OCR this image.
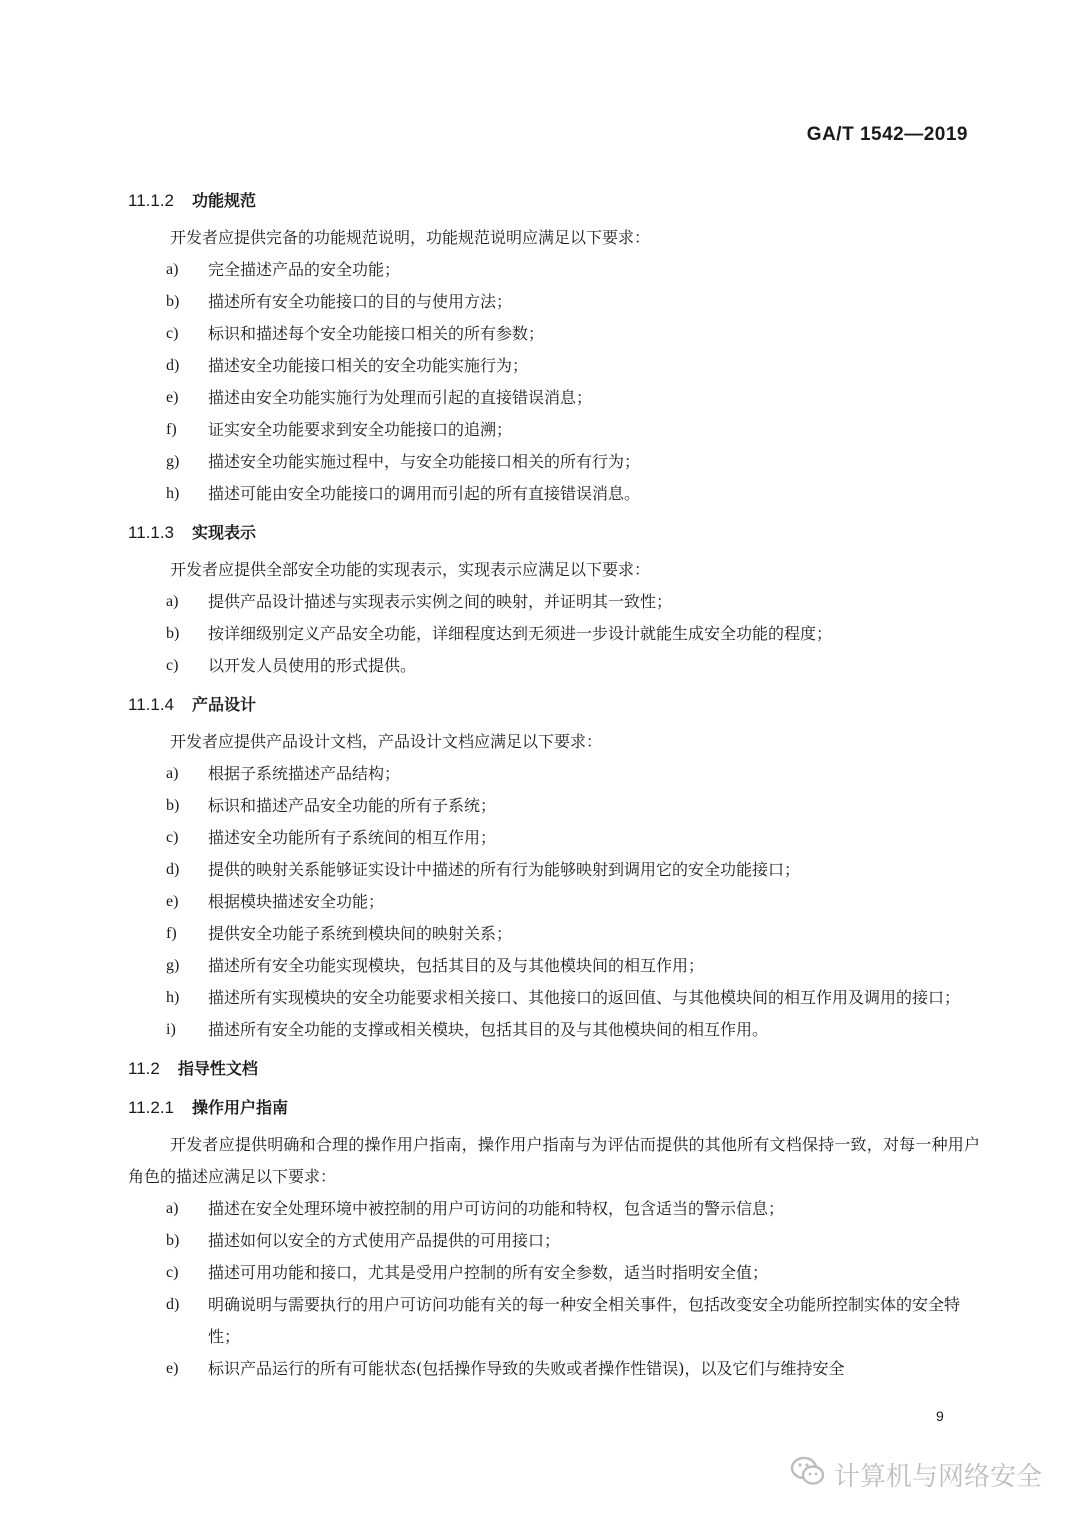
GA/T 1542—2019
11.1.2 功能规范

开发者应提供完备的功能规范说明，功能规范说明应满足以下要求：

a)	完全描述产品的安全功能；
b)	描述所有安全功能接口的目的与使用方法；
c)	标识和描述每个安全功能接口相关的所有参数；
d)	描述安全功能接口相关的安全功能实施行为；
e)	描述由安全功能实施行为处理而引起的直接错误消息；
f)	证实安全功能要求到安全功能接口的追溯；
g)	描述安全功能实施过程中，与安全功能接口相关的所有行为；
h)	描述可能由安全功能接口的调用而引起的所有直接错误消息。
11.1.3 实现表示

开发者应提供全部安全功能的实现表示，实现表示应满足以下要求：

a)	提供产品设计描述与实现表示实例之间的映射，并证明其一致性；
b)	按详细级别定义产品安全功能，详细程度达到无须进一步设计就能生成安全功能的程度；
c)	以开发人员使用的形式提供。
11.1.4 产品设计

开发者应提供产品设计文档，产品设计文档应满足以下要求：

a)	根据子系统描述产品结构；
b)	标识和描述产品安全功能的所有子系统；
c)	描述安全功能所有子系统间的相互作用；
d)	提供的映射关系能够证实设计中描述的所有行为能够映射到调用它的安全功能接口；
e)	根据模块描述安全功能；
f)	提供安全功能子系统到模块间的映射关系；
g)	描述所有安全功能实现模块，包括其目的及与其他模块间的相互作用；
h)	描述所有实现模块的安全功能要求相关接口、其他接口的返回值、与其他模块间的相互作用及调用的接口；
i)	描述所有安全功能的支撑或相关模块，包括其目的及与其他模块间的相互作用。
11.2 指导性文档
11.2.1 操作用户指南

开发者应提供明确和合理的操作用户指南，操作用户指南与为评估而提供的其他所有文档保持一致，对每一种用户角色的描述应满足以下要求：

a)	描述在安全处理环境中被控制的用户可访问的功能和特权，包含适当的警示信息；
b)	描述如何以安全的方式使用产品提供的可用接口；
c)	描述可用功能和接口，尤其是受用户控制的所有安全参数，适当时指明安全值；
d)	明确说明与需要执行的用户可访问功能有关的每一种安全相关事件，包括改变安全功能所控制实体的安全特性；
e)	标识产品运行的所有可能状态(包括操作导致的失败或者操作性错误)，以及它们与维持安全
9
计算机与网络安全
